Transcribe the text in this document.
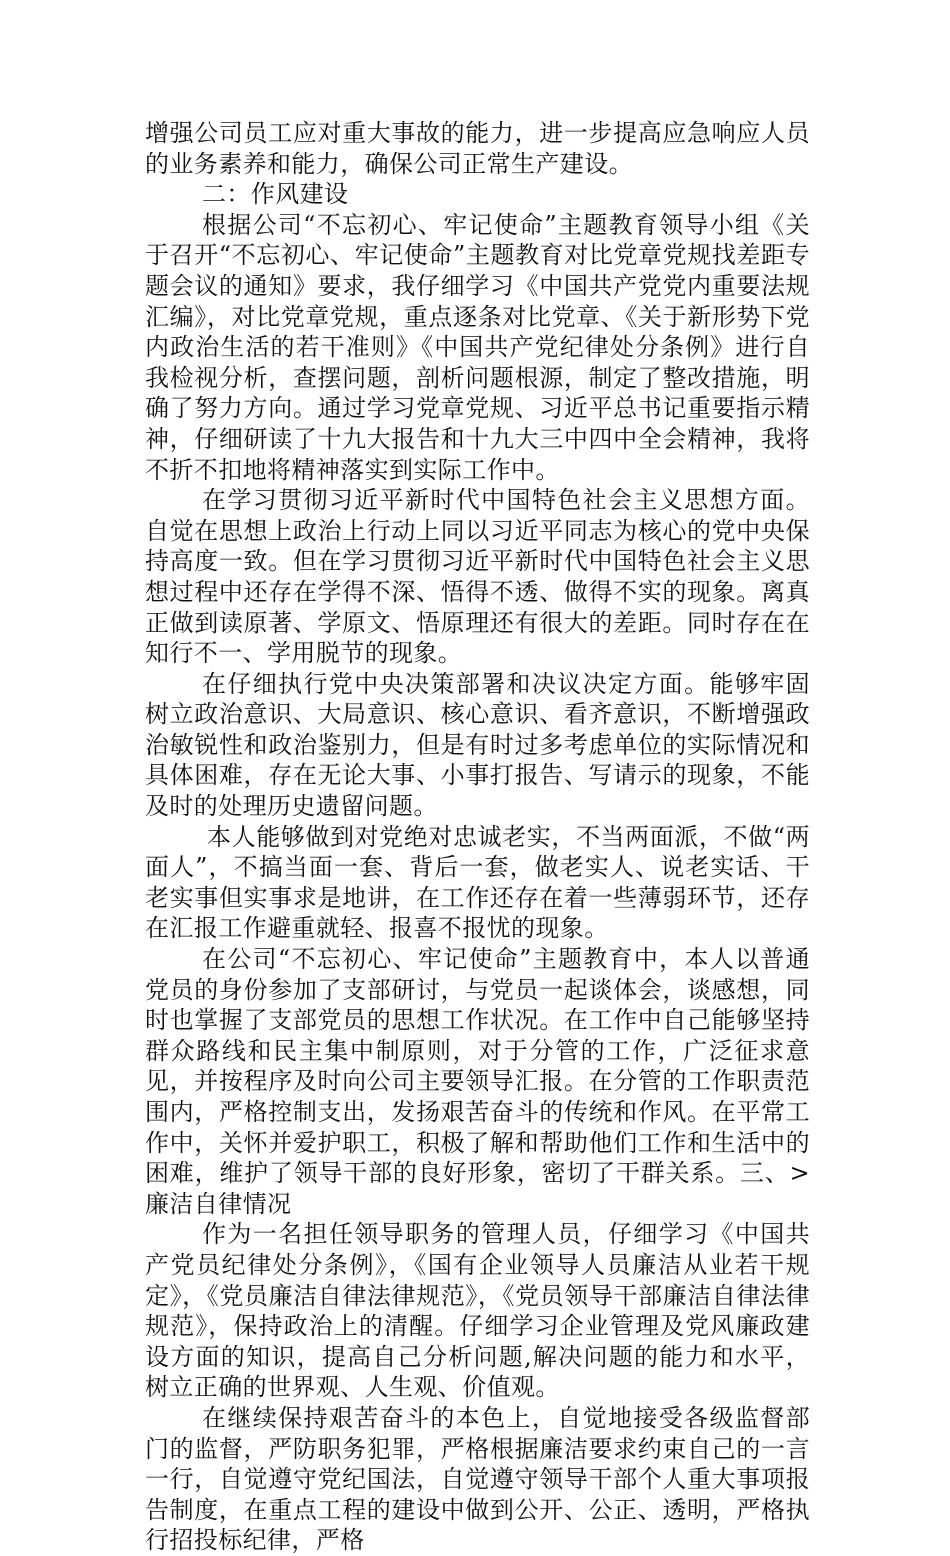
增强公司员工应对重大事故的能力，进一步提高应急响应人员的业务素养和能力，确保公司正常生产建设。

二：作风建设

根据公司“不忘初心、牢记使命”主题教育领导小组《关于召开“不忘初心、牢记使命”主题教育对比党章党规找差距专题会议的通知》要求，我仔细学习《中国共产党党内重要法规汇编》，对比党章党规，重点逐条对比党章、《关于新形势下党内政治生活的若干准则》《中国共产党纪律处分条例》进行自我检视分析，查摆问题，剖析问题根源，制定了整改措施，明确了努力方向。通过学习党章党规、习近平总书记重要指示精神，仔细研读了十九大报告和十九大三中四中全会精神，我将不折不扣地将精神落实到实际工作中。

在学习贯彻习近平新时代中国特色社会主义思想方面。自觉在思想上政治上行动上同以习近平同志为核心的党中央保持高度一致。但在学习贯彻习近平新时代中国特色社会主义思想过程中还存在学得不深、悟得不透、做得不实的现象。离真正做到读原著、学原文、悟原理还有很大的差距。同时存在在知行不一、学用脱节的现象。

在仔细执行党中央决策部署和决议决定方面。能够牢固树立政治意识、大局意识、核心意识、看齐意识，不断增强政治敏锐性和政治鉴别力，但是有时过多考虑单位的实际情况和具体困难，存在无论大事、小事打报告、写请示的现象，不能及时的处理历史遗留问题。

本人能够做到对党绝对忠诚老实，不当两面派，不做“两面人”，不搞当面一套、背后一套，做老实人、说老实话、干老实事但实事求是地讲，在工作还存在着一些薄弱环节，还存在汇报工作避重就轻、报喜不报忧的现象。

在公司“不忘初心、牢记使命”主题教育中，本人以普通党员的身份参加了支部研讨，与党员一起谈体会，谈感想，同时也掌握了支部党员的思想工作状况。在工作中自己能够坚持群众路线和民主集中制原则，对于分管的工作，广泛征求意见，并按程序及时向公司主要领导汇报。在分管的工作职责范围内，严格控制支出，发扬艰苦奋斗的传统和作风。在平常工作中，关怀并爱护职工，积极了解和帮助他们工作和生活中的困难，维护了领导干部的良好形象，密切了干群关系。三、>廉洁自律情况

作为一名担任领导职务的管理人员，仔细学习《中国共产党员纪律处分条例》，《国有企业领导人员廉洁从业若干规定》，《党员廉洁自律法律规范》，《党员领导干部廉洁自律法律规范》，保持政治上的清醒。仔细学习企业管理及党风廉政建设方面的知识，提高自己分析问题,解决问题的能力和水平，树立正确的世界观、人生观、价值观。

在继续保持艰苦奋斗的本色上，自觉地接受各级监督部门的监督，严防职务犯罪，严格根据廉洁要求约束自己的一言一行，自觉遵守党纪国法，自觉遵守领导干部个人重大事项报告制度，在重点工程的建设中做到公开、公正、透明，严格执行招投标纪律，严格
